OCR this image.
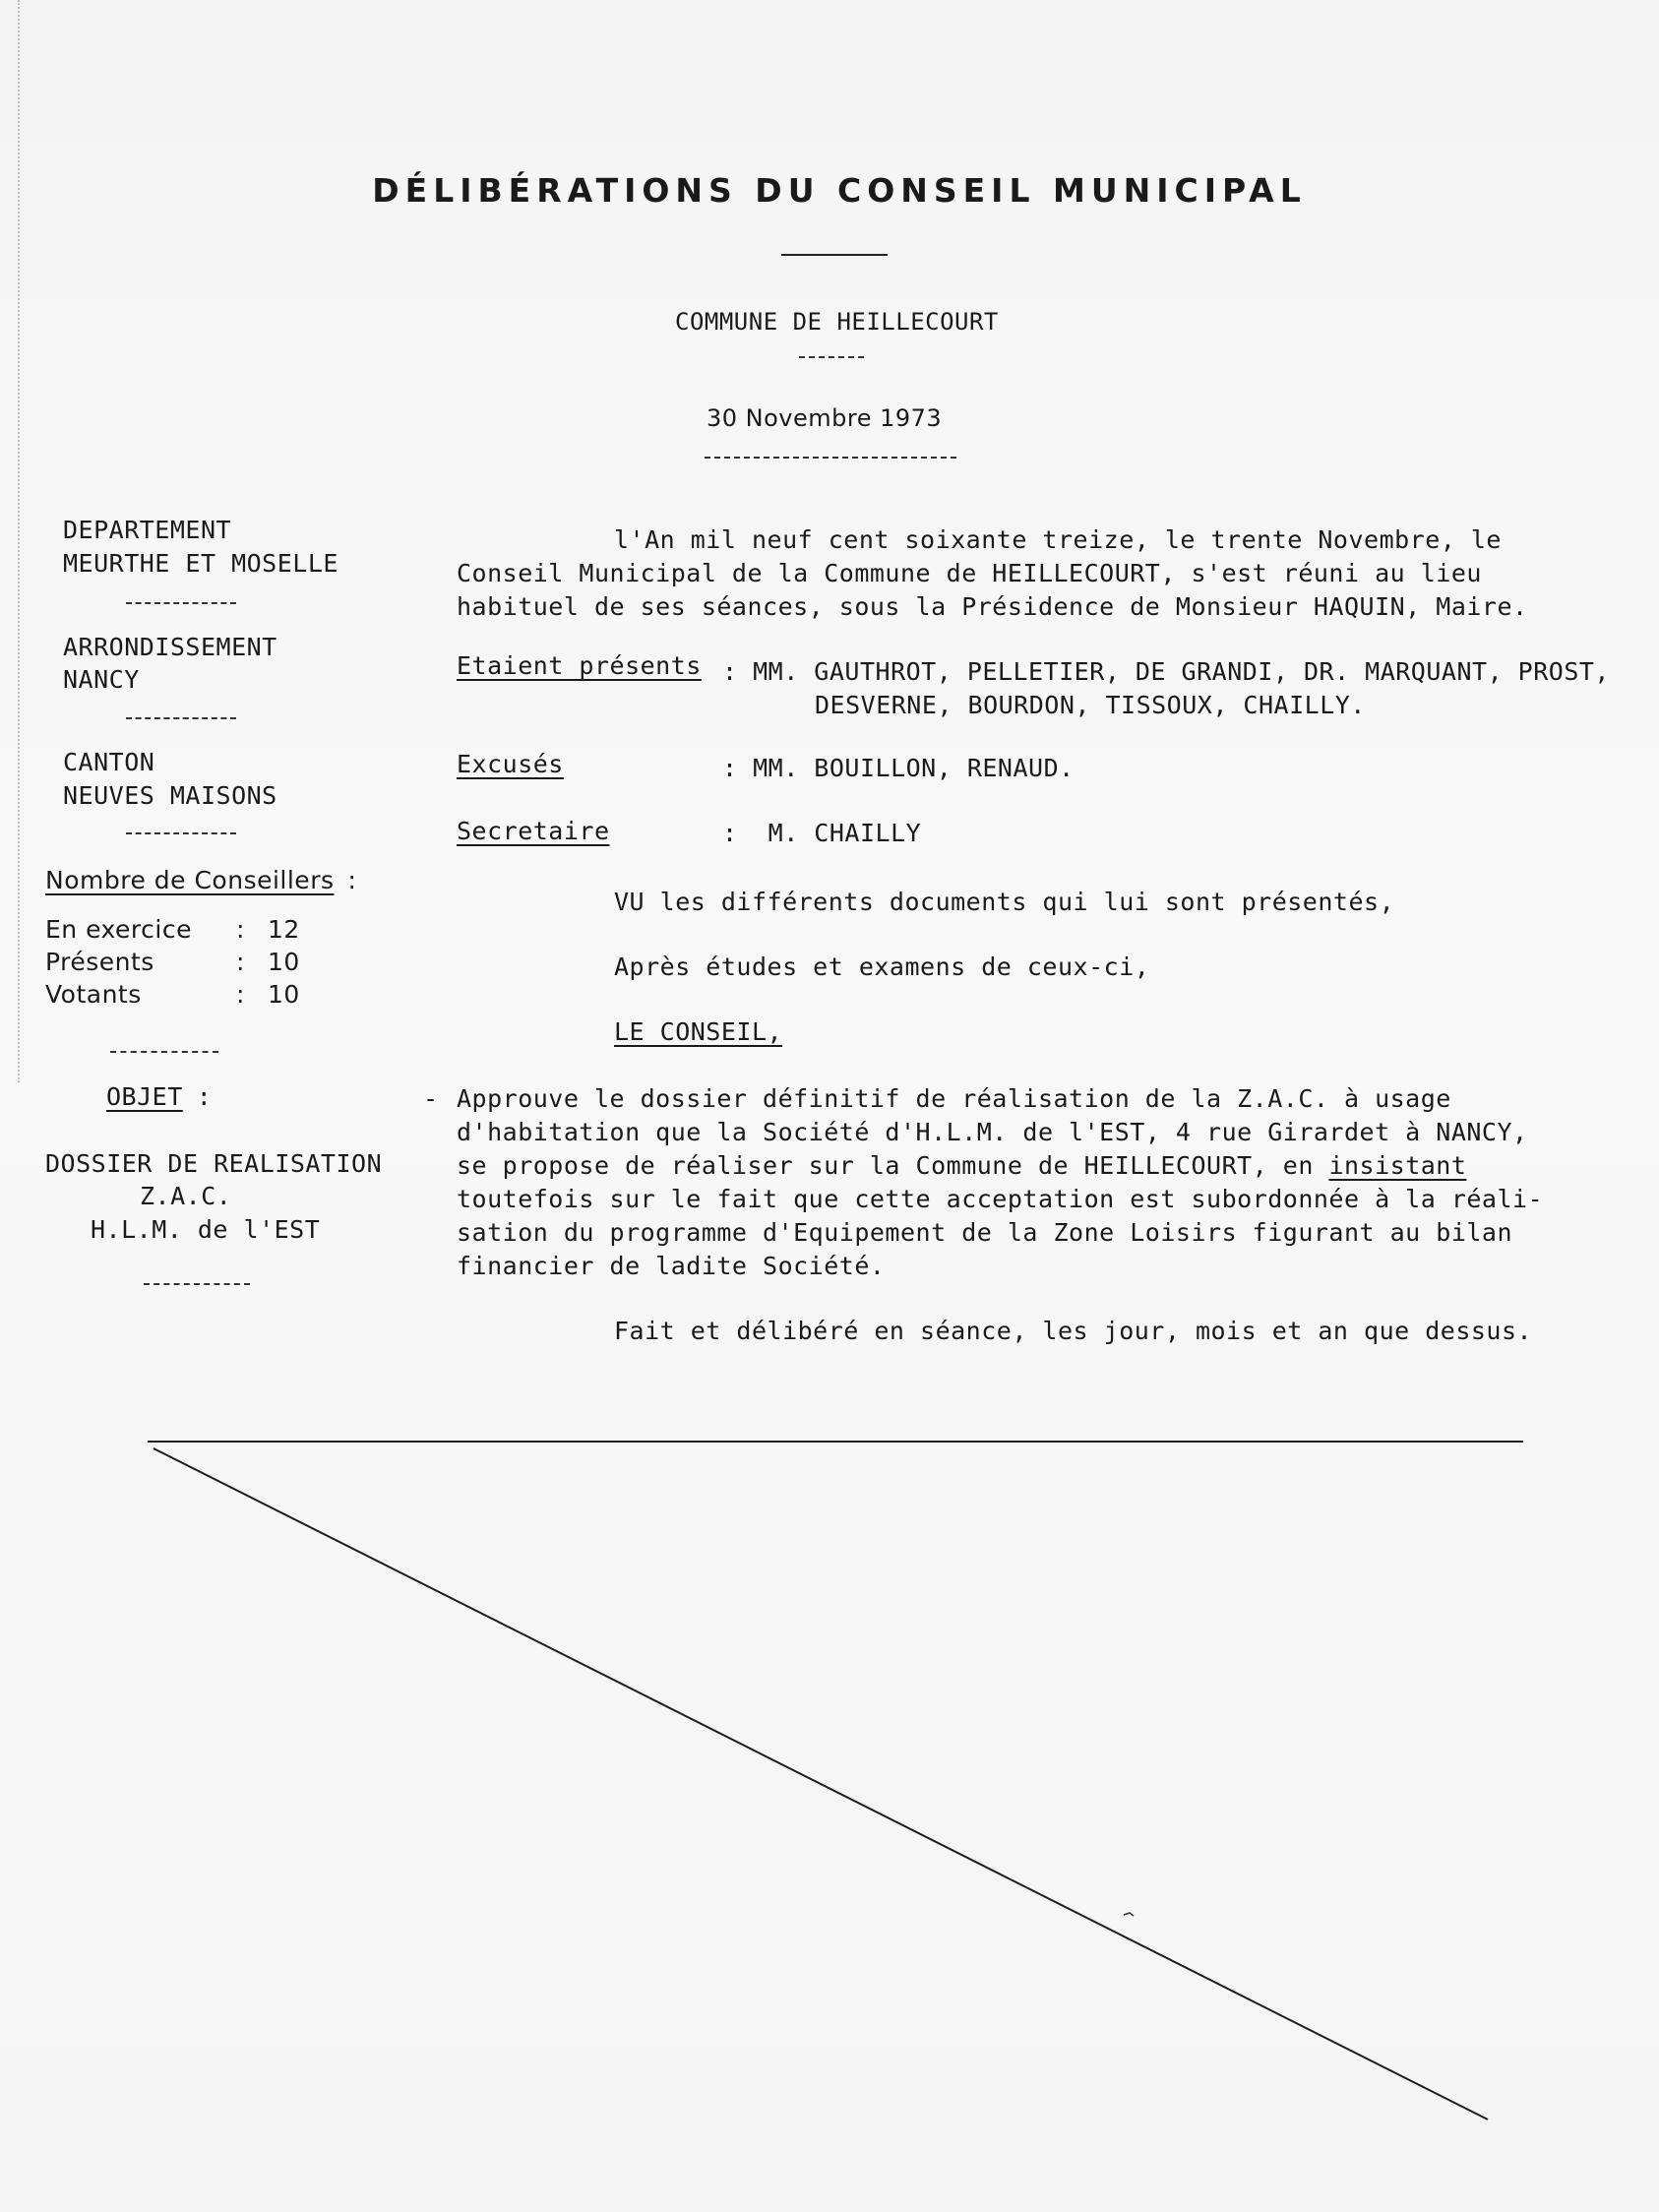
DÉLIBÉRATIONS DU CONSEIL MUNICIPAL
COMMUNE DE HEILLECOURT
30 Novembre 1973
DEPARTEMENT
MEURTHE ET MOSELLE
ARRONDISSEMENT
NANCY
CANTON
NEUVES MAISONS
Nombre de Conseillers :
En exercice : 12
Présents	: 10
Votants	: 10
OBJET :
DOSSIER DE REALISATION
Z.A.C.
H.L.M. de l'EST
l'An mil neuf cent soixante treize, le trente Novembre, le
Conseil Municipal de la Commune de HEILLECOURT, s'est réuni au lieu
habituel de ses séances, sous la Présidence de Monsieur HAQUIN, Maire.
Etaient présents : MM. GAUTHROT, PELLETIER, DE GRANDI, DR. MARQUANT, PROST,
DESVERNE, BOURDON, TISSOUX, CHAILLY.
Excusés	: MM. BOUILLON, RENAUD.
Secretaire	:  M. CHAILLY
VU les différents documents qui lui sont présentés,
Après études et examens de ceux-ci,
LE CONSEIL,
- Approuve le dossier définitif de réalisation de la Z.A.C. à usage
d'habitation que la Société d'H.L.M. de l'EST, 4 rue Girardet à NANCY,
se propose de réaliser sur la Commune de HEILLECOURT, en insistant
toutefois sur le fait que cette acceptation est subordonnée à la réali-
sation du programme d'Equipement de la Zone Loisirs figurant au bilan
financier de ladite Société.
Fait et délibéré en séance, les jour, mois et an que dessus.
